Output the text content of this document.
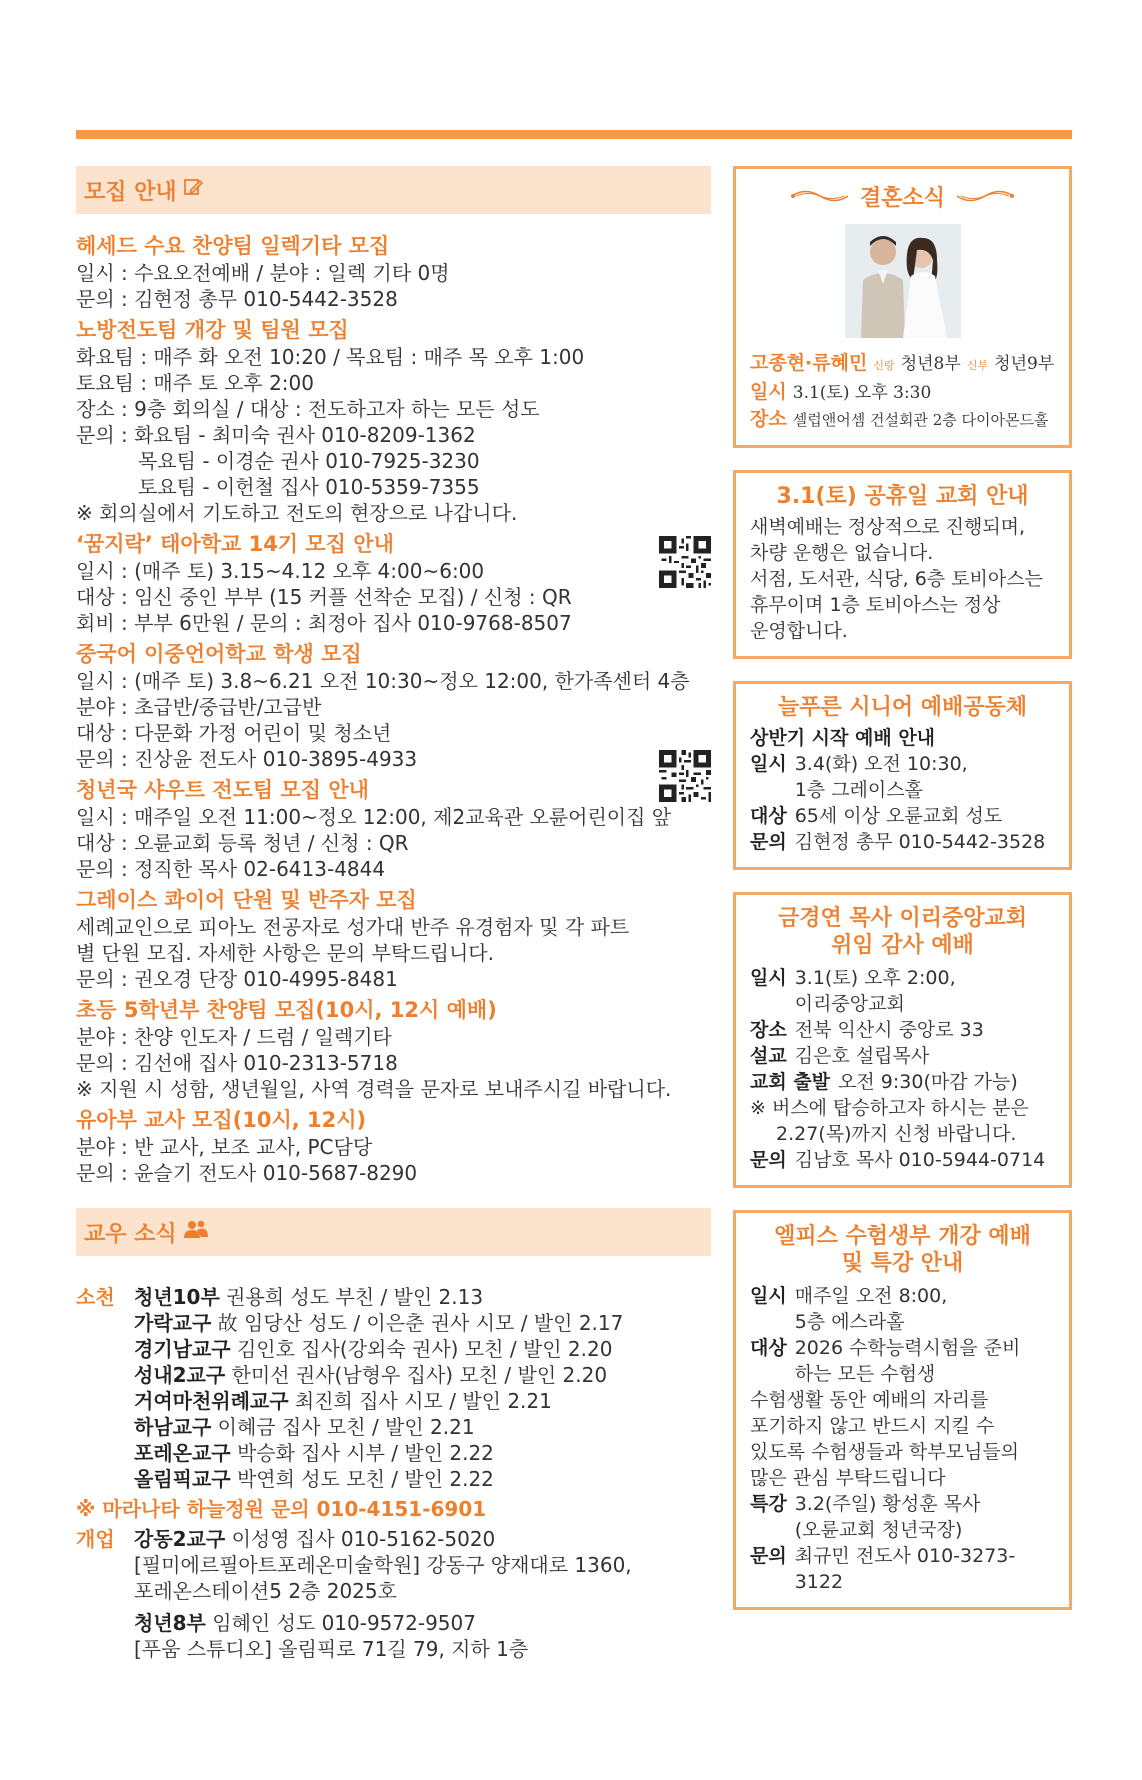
모집 안내
헤세드 수요 찬양팀 일렉기타 모집
일시 : 수요오전예배 / 분야 : 일렉 기타 0명
문의 : 김현정 총무 010-5442-3528
노방전도팀 개강 및 팀원 모집
화요팀 : 매주 화 오전 10:20 / 목요팀 : 매주 목 오후 1:00
토요팀 : 매주 토 오후 2:00
장소 : 9층 회의실 / 대상 : 전도하고자 하는 모든 성도
문의 : 화요팀 - 최미숙 권사 010-8209-1362
목요팀 - 이경순 권사 010-7925-3230
토요팀 - 이헌철 집사 010-5359-7355
※ 회의실에서 기도하고 전도의 현장으로 나갑니다.
‘꿈지락’ 태아학교 14기 모집 안내
일시 : (매주 토) 3.15~4.12 오후 4:00~6:00
대상 : 임신 중인 부부 (15 커플 선착순 모집) / 신청 : QR
회비 : 부부 6만원 / 문의 : 최정아 집사 010-9768-8507
중국어 이중언어학교 학생 모집
일시 : (매주 토) 3.8~6.21 오전 10:30~정오 12:00, 한가족센터 4층
분야 : 초급반/중급반/고급반
대상 : 다문화 가정 어린이 및 청소년
문의 : 진상윤 전도사 010-3895-4933
청년국 샤우트 전도팀 모집 안내
일시 : 매주일 오전 11:00~정오 12:00, 제2교육관 오륜어린이집 앞
대상 : 오륜교회 등록 청년 / 신청 : QR
문의 : 정직한 목사 02-6413-4844
그레이스 콰이어 단원 및 반주자 모집
세례교인으로 피아노 전공자로 성가대 반주 유경험자 및 각 파트
별 단원 모집. 자세한 사항은 문의 부탁드립니다.
문의 : 권오경 단장 010-4995-8481
초등 5학년부 찬양팀 모집(10시, 12시 예배)
분야 : 찬양 인도자 / 드럼 / 일렉기타
문의 : 김선애 집사 010-2313-5718
※ 지원 시 성함, 생년월일, 사역 경력을 문자로 보내주시길 바랍니다.
유아부 교사 모집(10시, 12시)
분야 : 반 교사, 보조 교사, PC담당
문의 : 윤슬기 전도사 010-5687-8290
교우 소식
소천 청년10부 권용희 성도 부친 / 발인 2.13
가락교구 故 임당산 성도 / 이은춘 권사 시모 / 발인 2.17
경기남교구 김인호 집사(강외숙 권사) 모친 / 발인 2.20
성내2교구 한미선 권사(남형우 집사) 모친 / 발인 2.20
거여마천위례교구 최진희 집사 시모 / 발인 2.21
하남교구 이혜금 집사 모친 / 발인 2.21
포레온교구 박승화 집사 시부 / 발인 2.22
올림픽교구 박연희 성도 모친 / 발인 2.22
※ 마라나타 하늘정원 문의 010-4151-6901
개업 강동2교구 이성영 집사 010-5162-5020
[필미에르필아트포레온미술학원] 강동구 양재대로 1360,
포레온스테이션5 2층 2025호
청년8부 임혜인 성도 010-9572-9507
[푸움 스튜디오] 올림픽로 71길 79, 지하 1층
결혼소식
고종현·류혜민 신랑 청년8부 신부 청년9부
일시 3.1(토) 오후 3:30
장소 셀럽앤어셈 건설회관 2층 다이아몬드홀
3.1(토) 공휴일 교회 안내
새벽예배는 정상적으로 진행되며,
차량 운행은 없습니다.
서점, 도서관, 식당, 6층 토비아스는
휴무이며 1층 토비아스는 정상
운영합니다.
늘푸른 시니어 예배공동체
상반기 시작 예배 안내
일시 3.4(화) 오전 10:30,
1층 그레이스홀
대상 65세 이상 오륜교회 성도
문의 김현정 총무 010-5442-3528
금경연 목사 이리중앙교회
위임 감사 예배
일시 3.1(토) 오후 2:00,
이리중앙교회
장소 전북 익산시 중앙로 33
설교 김은호 설립목사
교회 출발 오전 9:30(마감 가능)
※ 버스에 탑승하고자 하시는 분은
2.27(목)까지 신청 바랍니다.
문의 김남호 목사 010-5944-0714
엘피스 수험생부 개강 예배
및 특강 안내
일시 매주일 오전 8:00,
5층 에스라홀
대상 2026 수학능력시험을 준비
하는 모든 수험생
수험생활 동안 예배의 자리를
포기하지 않고 반드시 지킬 수
있도록 수험생들과 학부모님들의
많은 관심 부탁드립니다
특강 3.2(주일) 황성훈 목사
(오륜교회 청년국장)
문의 최규민 전도사 010-3273-3122
